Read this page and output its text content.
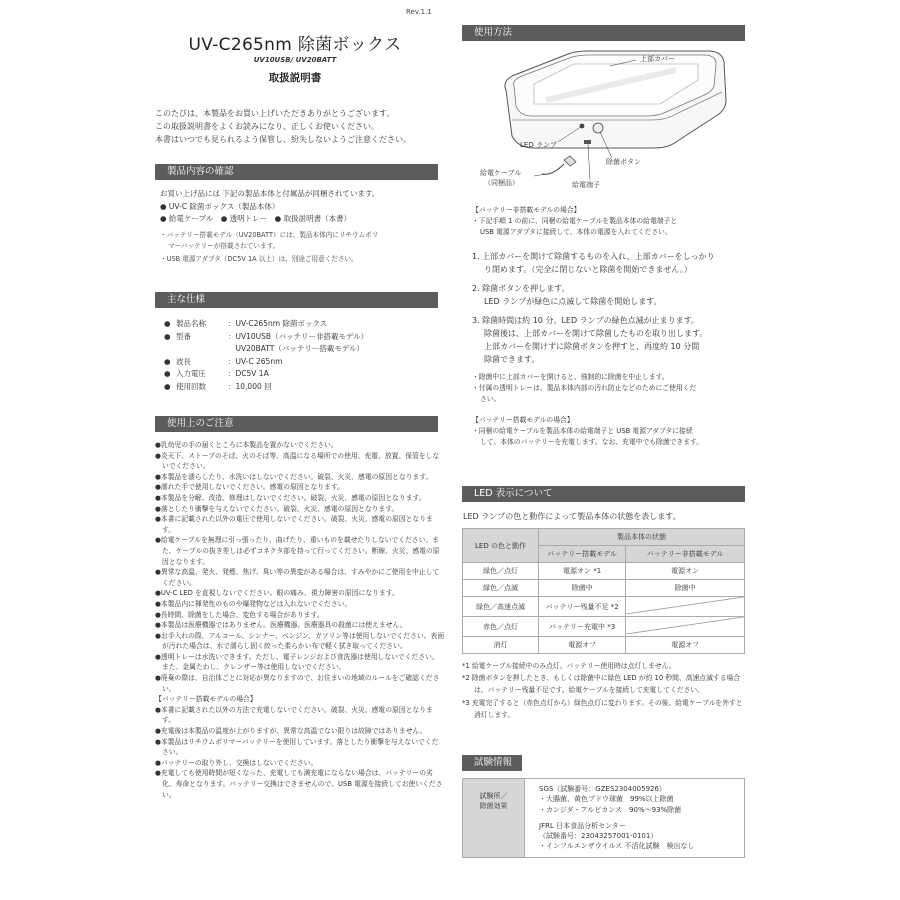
Rev.1.1
UV-C265nm 除菌ボックス
UV10USB/ UV20BATT
取扱説明書
このたびは、本製品をお買い上げいただきありがとうございます。
この取扱説明書をよくお読みになり、正しくお使いください。
本書はいつでも見られるよう保管し、紛失しないようご注意ください。
製品内容の確認
お買い上げ品には 下記の製品本体と付属品が同梱されています。
● UV-C 除菌ボックス（製品本体）
● 給電ケーブル　● 透明トレー　● 取扱説明書（本書）
・バッテリー搭載モデル（UV20BATT）には、製品本体内にリチウムポリ
マーバッテリーが搭載されています。
・USB 電源アダプタ（DC5V 1A 以上）は、別途ご用意ください。
主な仕様
● 製品名称	：UV-C265nm 除菌ボックス
● 型番	：UV10USB（バッテリー非搭載モデル）
　UV20BATT（バッテリー搭載モデル）
● 波長	：UV-C 265nm
● 入力電圧	：DC5V 1A
● 使用回数	：10,000 回
使用上のご注意
●乳幼児の手の届くところに本製品を置かないでください。
●炎天下、ストーブのそば、火のそば等、高温になる場所での使用、充電、放置、保管をしないでください。
●本製品を濡らしたり、水洗いはしないでください。破裂、火災、感電の原因となります。
●濡れた手で使用しないでください。感電の原因となります。
●本製品を分解、改造、修理はしないでください。破裂、火災、感電の原因となります。
●落としたり衝撃を与えないでください。破裂、火災、感電の原因となります。
●本書に記載された以外の電圧で使用しないでください。破裂、火災、感電の原因となります。
●給電ケーブルを無理に引っ張ったり、曲げたり、重いものを載せたりしないでください。また、ケーブルの抜き差しは必ずコネクタ部を持って行ってください。断線、火災、感電の原因となります。
●異常な高温、発火、発煙、焦げ、臭い等の異変がある場合は、すみやかにご使用を中止してください。
●UV-C LED を直視しないでください。眼の痛み、視力障害の原因になります。
●本製品内に揮発性のものや爆発物などは入れないでください。
●長時間、除菌をした場合、変色する場合があります。
●本製品は医療機器ではありません。医療機器、医療器具の殺菌には使えません。
●お手入れの際、アルコール、シンナー、ベンジン、ガソリン等は使用しないでください。表面が汚れた場合は、水で濡らし固く絞った柔らかい布で軽く拭き取ってください。
●透明トレーは水洗いできます。ただし、電子レンジおよび食洗器は使用しないでください。また、金属たわし、クレンザー等は使用しないでください。
●廃棄の際は、自治体ごとに対応が異なりますので、お住まいの地域のルールをご確認ください。
【バッテリー搭載モデルの場合】
●本書に記載された以外の方法で充電しないでください。破裂、火災、感電の原因となります。
●充電後は本製品の温度が上がりますが、異常な高温でない限りは故障ではありません。
●本製品はリチウムポリマーバッテリーを使用しています。落としたり衝撃を与えないでください。
●バッテリーの取り外し、交換はしないでください。
●充電しても使用時間が短くなった、充電しても満充電にならない場合は、バッテリーの劣化、寿命となります。バッテリー交換はできませんので、USB 電源を接続してお使いください。
使用方法
上部カバー
LED ランプ
除菌ボタン
給電ケーブル
（同梱品）	給電端子
【バッテリー非搭載モデルの場合】
・下記手順 1 の前に、同梱の給電ケーブルを製品本体の給電端子と
USB 電源アダプタに接続して、本体の電源を入れてください。
1. 上部カバーを開けて除菌するものを入れ、上部カバーをしっかり
り閉めます。（完全に閉じないと除菌を開始できません。）
2. 除菌ボタンを押します。
LED ランプが緑色に点滅して除菌を開始します。
3. 除菌時間は約 10 分。LED ランプの緑色点滅が止まります。
除菌後は、上部カバーを開けて除菌したものを取り出します。
上部カバーを開けずに除菌ボタンを押すと、再度約 10 分間
除菌できます。
・除菌中に上部カバーを開けると、強制的に除菌を中止します。
・付属の透明トレーは、製品本体内部の汚れ防止などのためにご使用くだ
さい。
【バッテリー搭載モデルの場合】
・同梱の給電ケーブルを製品本体の給電端子と USB 電源アダプタに接続
して、本体のバッテリーを充電します。なお、充電中でも除菌できます。
LED 表示について
LED ランプの色と動作によって製品本体の状態を表します。
LED の色と動作	製品本体の状態	
	バッテリー搭載モデル	バッテリー非搭載モデル
緑色／点灯	電源オン *1	電源オン
緑色／点滅	除菌中	除菌中
緑色／高速点滅	バッテリー残量不足 *2	
赤色／点灯	バッテリー充電中 *3	
消灯	電源オフ	電源オフ
*1 給電ケーブル接続中のみ点灯。バッテリー使用時は点灯しません。
*2 除菌ボタンを押したとき、もしくは除菌中に緑色 LED が約 10 秒間、高速点滅する場合は、バッテリー残量不足です。給電ケーブルを接続して充電してください。
*3 充電完了すると（赤色点灯から）緑色点灯に変わります。その後、給電ケーブルを外すと消灯します。
試験情報
試験所／
除菌効果

SGS（試験番号：GZES2304005926）
・大腸菌、黄色ブドウ球菌　99%以上除菌
・カンジダ・アルビカンス　90%〜93%除菌
JFRL 日本食品分析センター
（試験番号：23043257001-0101）
・インフルエンザウイルス 不活化試験　検出なし
